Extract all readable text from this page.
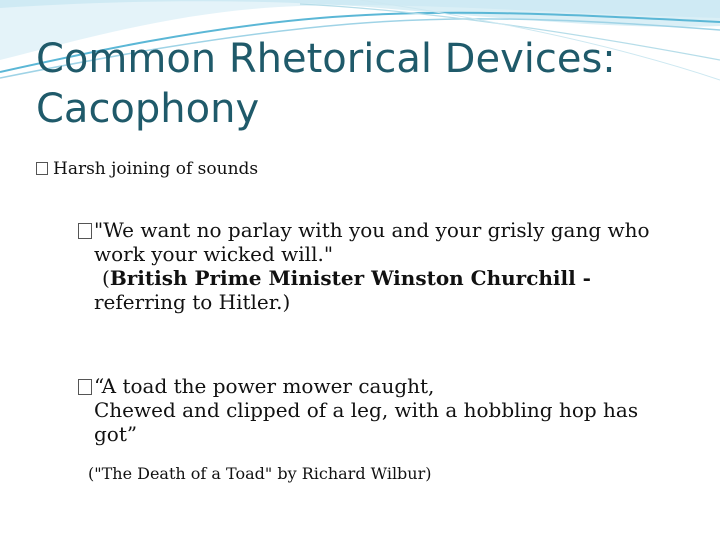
Common Rhetorical Devices:
Cacophony

Harsh joining of sounds

"We want no parlay with you and your grisly gang who
work your wicked will."
(British Prime Minister Winston Churchill -
referring to Hitler.)
“A toad the power mower caught,
Chewed and clipped of a leg, with a hobbling hop has
got”

("The Death of a Toad" by Richard Wilbur)
